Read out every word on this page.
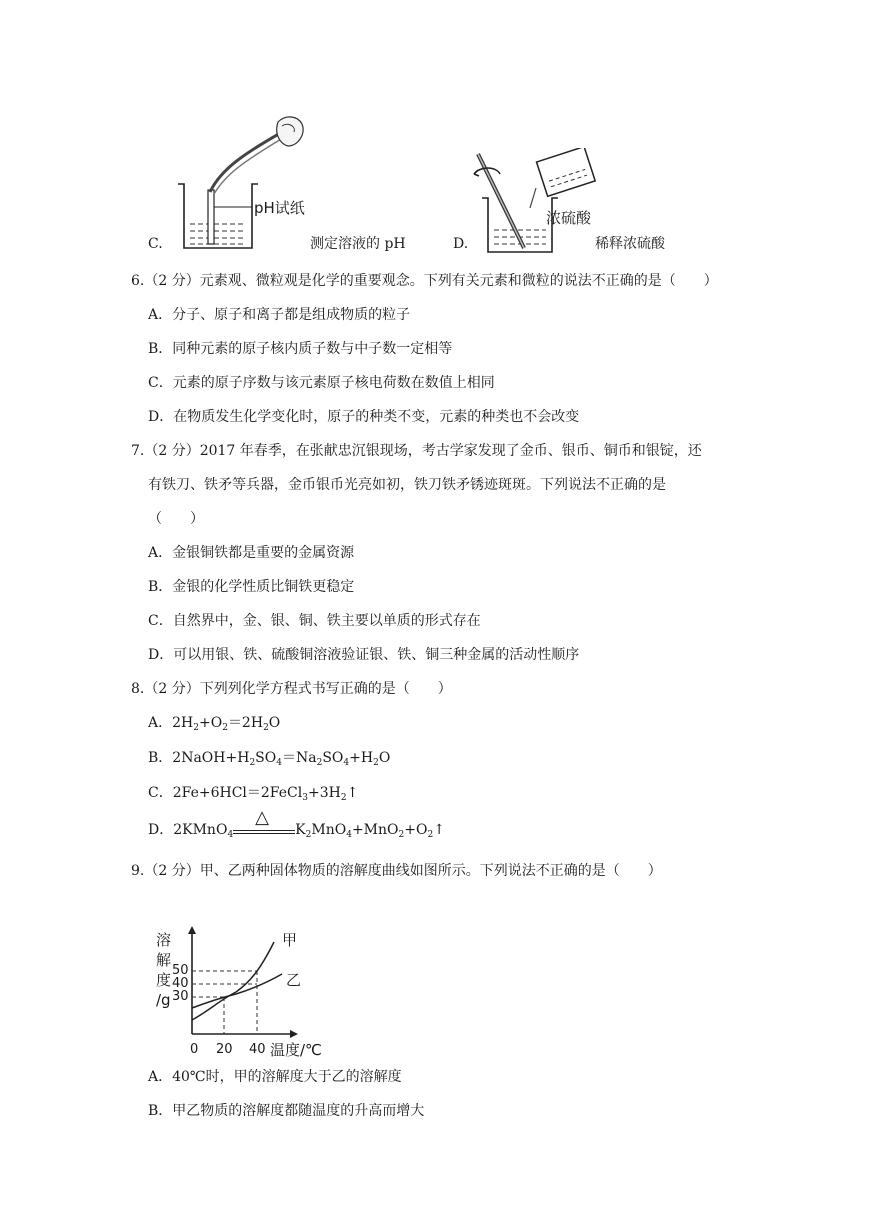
pH试纸
C.	测定溶液的 pH
浓硫酸
D.	稀释浓硫酸
6.（2 分）元素观、微粒观是化学的重要观念。下列有关元素和微粒的说法不正确的是（　　）
A．分子、原子和离子都是组成物质的粒子
B．同种元素的原子核内质子数与中子数一定相等
C．元素的原子序数与该元素原子核电荷数在数值上相同
D．在物质发生化学变化时，原子的种类不变，元素的种类也不会改变
7.（2 分）2017 年春季，在张献忠沉银现场，考古学家发现了金币、银币、铜币和银锭，还
有铁刀、铁矛等兵器，金币银币光亮如初，铁刀铁矛锈迹斑斑。下列说法不正确的是
（　　）
A．金银铜铁都是重要的金属资源
B．金银的化学性质比铜铁更稳定
C．自然界中，金、银、铜、铁主要以单质的形式存在
D．可以用银、铁、硫酸铜溶液验证银、铁、铜三种金属的活动性顺序
8.（2 分）下列列化学方程式书写正确的是（　　）
A．$2H_2+O_2=2H_2O$
B．$2NaOH+H_2SO_4=Na_2SO_4+H_2O$
C．$2Fe+6HCl=2FeCl_3+3H_2↑$
D．2KMnO$_4$
△
$K_2MnO_4+MnO_2+O_2↑$
9.（2 分）甲、乙两种固体物质的溶解度曲线如图所示。下列说法不正确的是（　　）
溶
解
度
/g
50
40
30
0 20 40 温度/℃
甲
乙
A．40℃时，甲的溶解度大于乙的溶解度
B．甲乙物质的溶解度都随温度的升高而增大
